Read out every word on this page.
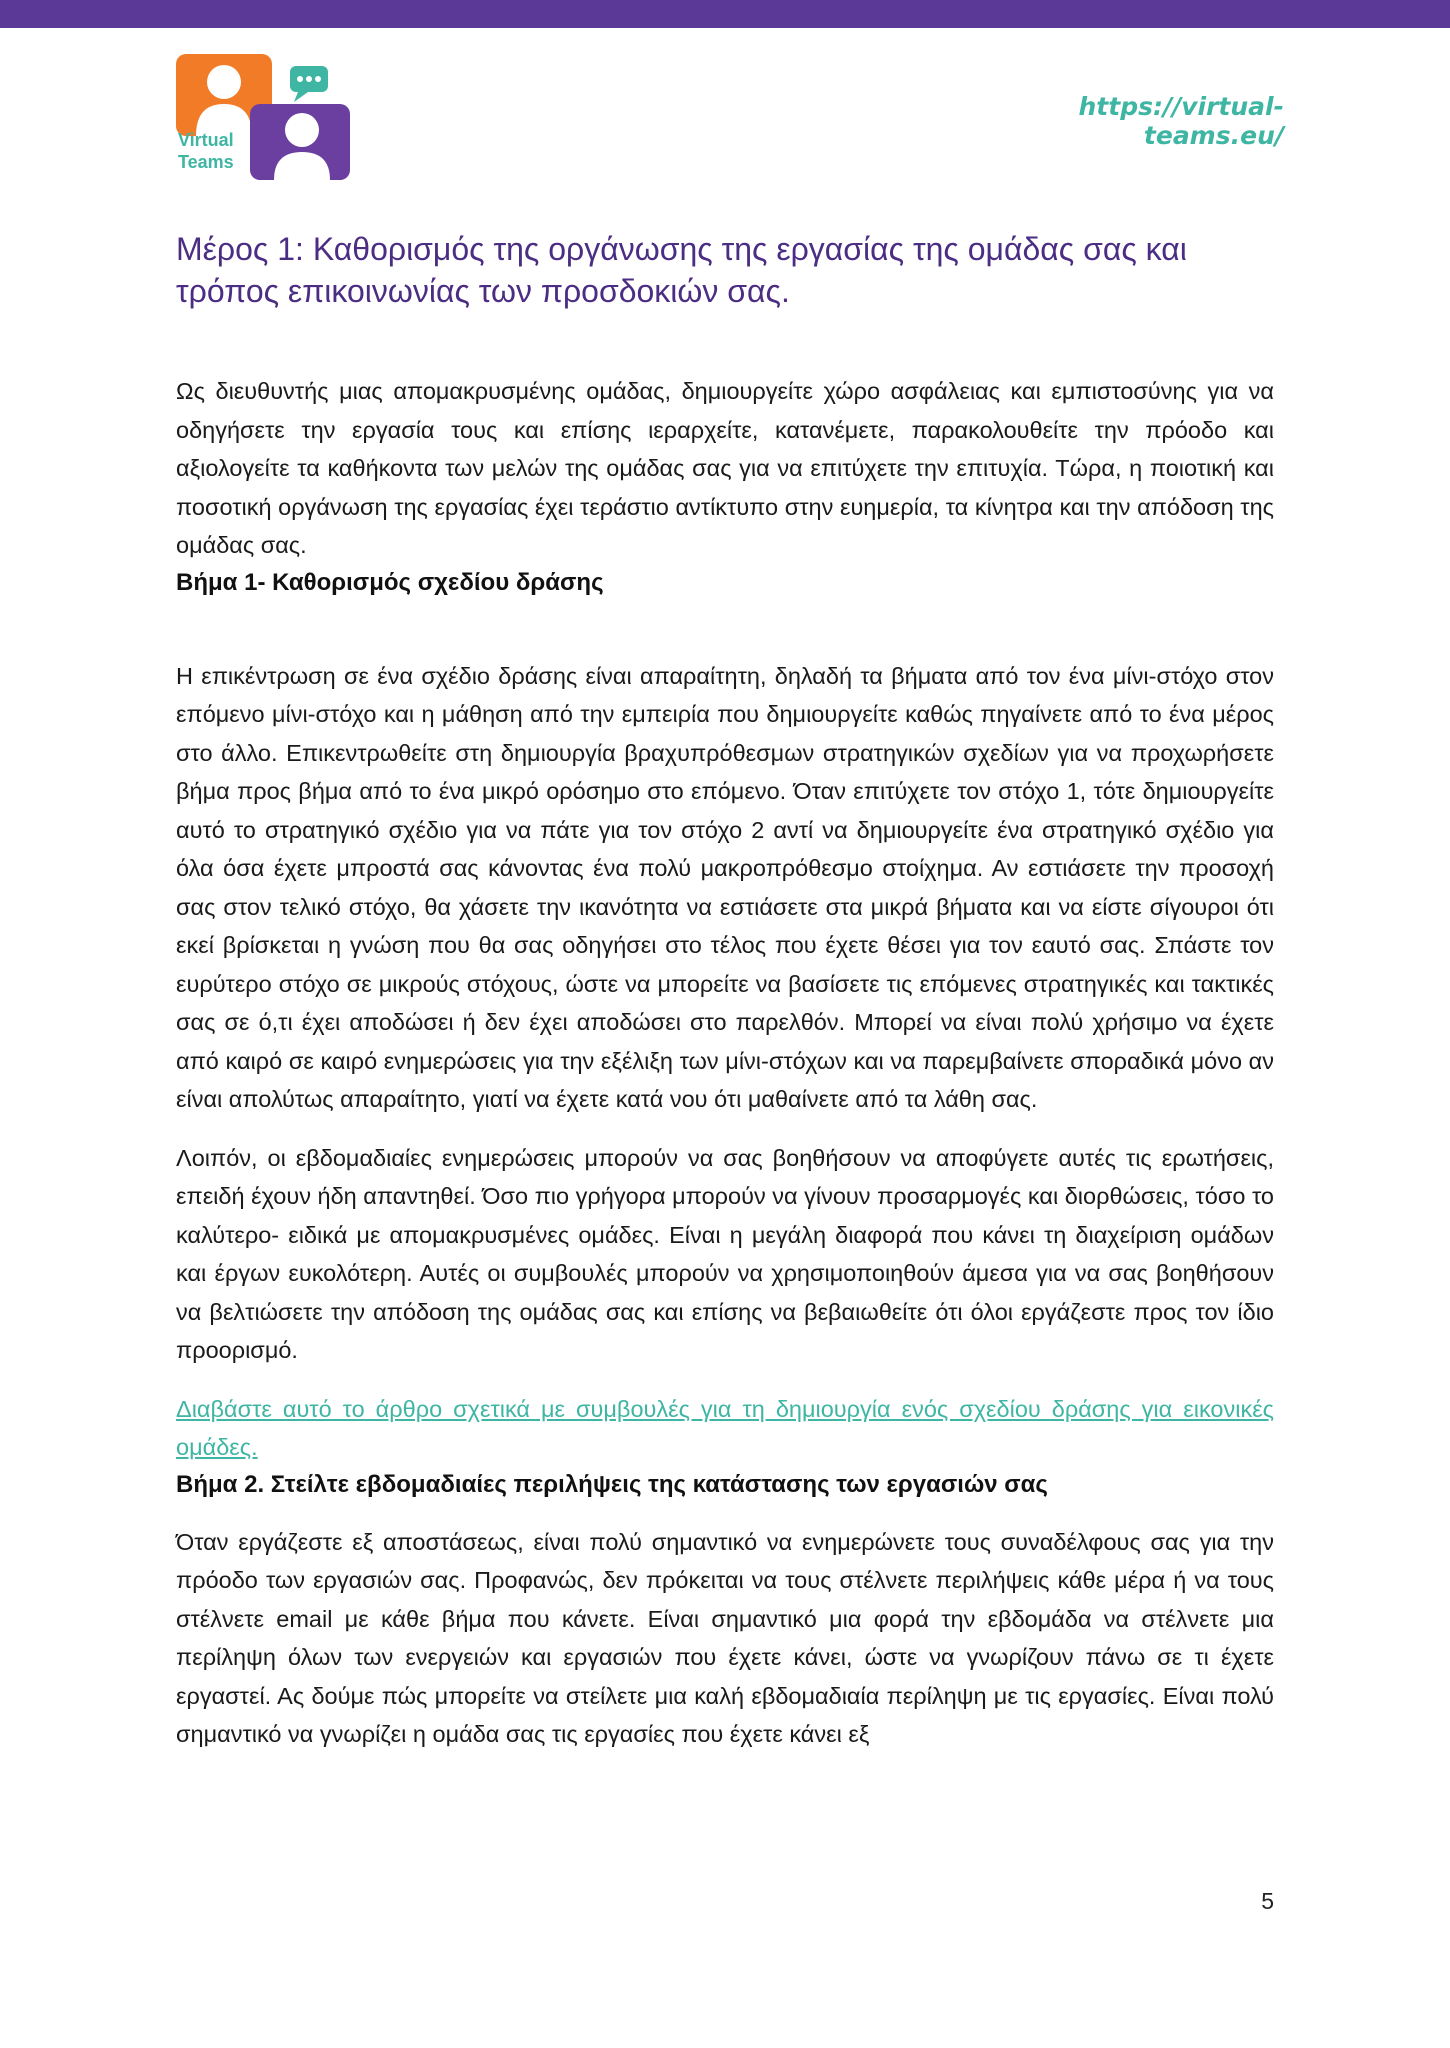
Virtual
Teams
https://virtual-teams.eu/
Μέρος 1: Καθορισμός της οργάνωσης της εργασίας της ομάδας σας και τρόπος επικοινωνίας των προσδοκιών σας.

Ως διευθυντής μιας απομακρυσμένης ομάδας, δημιουργείτε χώρο ασφάλειας και εμπιστοσύνης για να οδηγήσετε την εργασία τους και επίσης ιεραρχείτε, κατανέμετε, παρακολουθείτε την πρόοδο και αξιολογείτε τα καθήκοντα των μελών της ομάδας σας για να επιτύχετε την επιτυχία. Τώρα, η ποιοτική και ποσοτική οργάνωση της εργασίας έχει τεράστιο αντίκτυπο στην ευημερία, τα κίνητρα και την απόδοση της ομάδας σας.

Βήμα 1- Καθορισμός σχεδίου δράσης

Η επικέντρωση σε ένα σχέδιο δράσης είναι απαραίτητη, δηλαδή τα βήματα από τον ένα μίνι-στόχο στον επόμενο μίνι-στόχο και η μάθηση από την εμπειρία που δημιουργείτε καθώς πηγαίνετε από το ένα μέρος στο άλλο. Επικεντρωθείτε στη δημιουργία βραχυπρόθεσμων στρατηγικών σχεδίων για να προχωρήσετε βήμα προς βήμα από το ένα μικρό ορόσημο στο επόμενο. Όταν επιτύχετε τον στόχο 1, τότε δημιουργείτε αυτό το στρατηγικό σχέδιο για να πάτε για τον στόχο 2 αντί να δημιουργείτε ένα στρατηγικό σχέδιο για όλα όσα έχετε μπροστά σας κάνοντας ένα πολύ μακροπρόθεσμο στοίχημα. Αν εστιάσετε την προσοχή σας στον τελικό στόχο, θα χάσετε την ικανότητα να εστιάσετε στα μικρά βήματα και να είστε σίγουροι ότι εκεί βρίσκεται η γνώση που θα σας οδηγήσει στο τέλος που έχετε θέσει για τον εαυτό σας. Σπάστε τον ευρύτερο στόχο σε μικρούς στόχους, ώστε να μπορείτε να βασίσετε τις επόμενες στρατηγικές και τακτικές σας σε ό,τι έχει αποδώσει ή δεν έχει αποδώσει στο παρελθόν. Μπορεί να είναι πολύ χρήσιμο να έχετε από καιρό σε καιρό ενημερώσεις για την εξέλιξη των μίνι-στόχων και να παρεμβαίνετε σποραδικά μόνο αν είναι απολύτως απαραίτητο, γιατί να έχετε κατά νου ότι μαθαίνετε από τα λάθη σας.

Λοιπόν, οι εβδομαδιαίες ενημερώσεις μπορούν να σας βοηθήσουν να αποφύγετε αυτές τις ερωτήσεις, επειδή έχουν ήδη απαντηθεί. Όσο πιο γρήγορα μπορούν να γίνουν προσαρμογές και διορθώσεις, τόσο το καλύτερο- ειδικά με απομακρυσμένες ομάδες. Είναι η μεγάλη διαφορά που κάνει τη διαχείριση ομάδων και έργων ευκολότερη. Αυτές οι συμβουλές μπορούν να χρησιμοποιηθούν άμεσα για να σας βοηθήσουν να βελτιώσετε την απόδοση της ομάδας σας και επίσης να βεβαιωθείτε ότι όλοι εργάζεστε προς τον ίδιο προορισμό.

Διαβάστε αυτό το άρθρο σχετικά με συμβουλές για τη δημιουργία ενός σχεδίου δράσης για εικονικές ομάδες.

Βήμα 2. Στείλτε εβδομαδιαίες περιλήψεις της κατάστασης των εργασιών σας

Όταν εργάζεστε εξ αποστάσεως, είναι πολύ σημαντικό να ενημερώνετε τους συναδέλφους σας για την πρόοδο των εργασιών σας. Προφανώς, δεν πρόκειται να τους στέλνετε περιλήψεις κάθε μέρα ή να τους στέλνετε email με κάθε βήμα που κάνετε. Είναι σημαντικό μια φορά την εβδομάδα να στέλνετε μια περίληψη όλων των ενεργειών και εργασιών που έχετε κάνει, ώστε να γνωρίζουν πάνω σε τι έχετε εργαστεί. Ας δούμε πώς μπορείτε να στείλετε μια καλή εβδομαδιαία περίληψη με τις εργασίες. Είναι πολύ σημαντικό να γνωρίζει η ομάδα σας τις εργασίες που έχετε κάνει εξ

5
